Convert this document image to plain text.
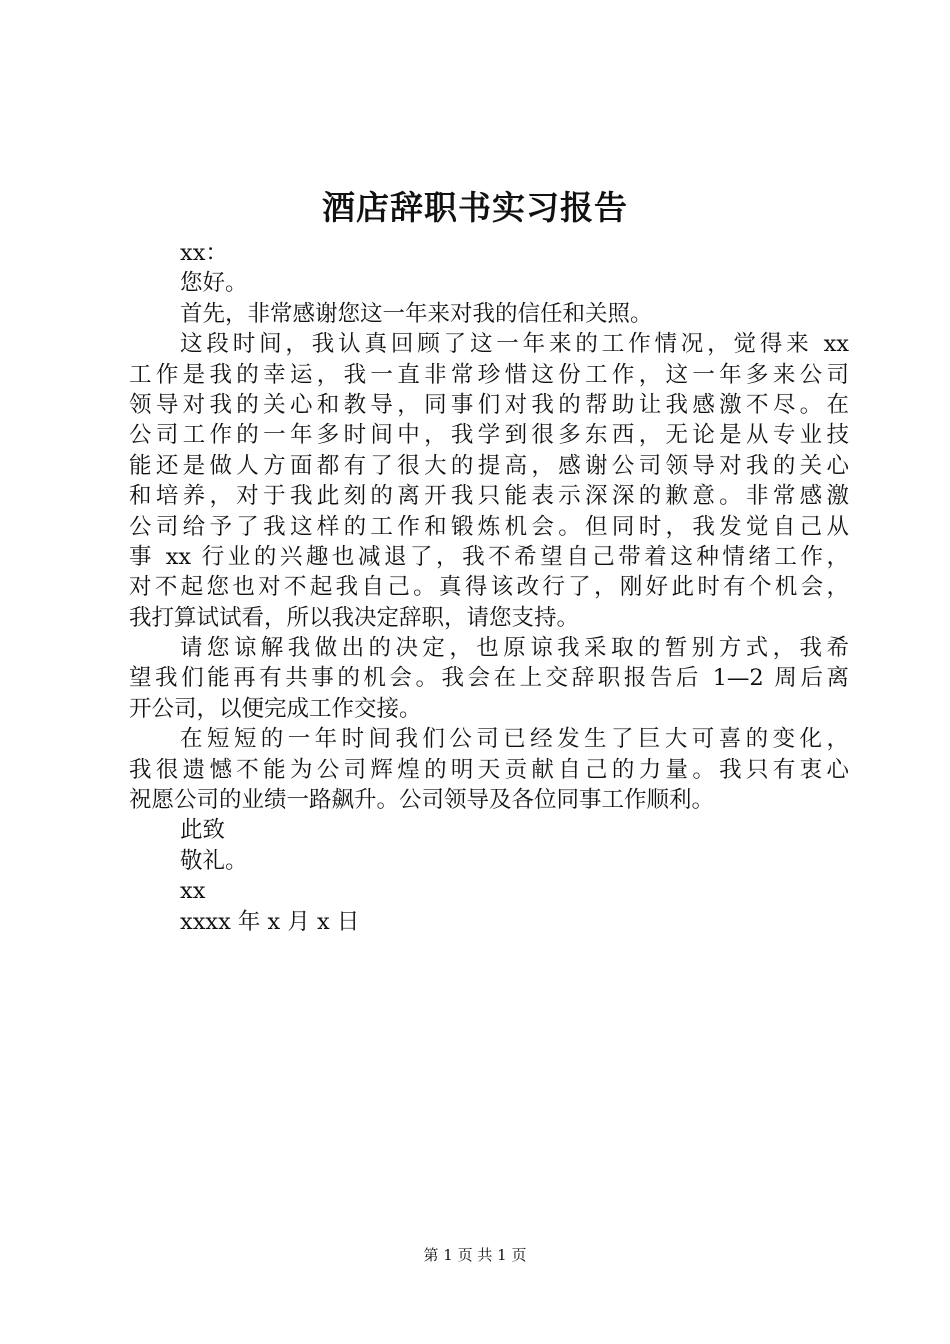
酒店辞职书实习报告
xx：
您好。
首先，非常感谢您这一年来对我的信任和关照。
这段时间，我认真回顾了这一年来的工作情况，觉得来 xx
工作是我的幸运，我一直非常珍惜这份工作，这一年多来公司
领导对我的关心和教导，同事们对我的帮助让我感激不尽。在
公司工作的一年多时间中，我学到很多东西，无论是从专业技
能还是做人方面都有了很大的提高，感谢公司领导对我的关心
和培养，对于我此刻的离开我只能表示深深的歉意。非常感激
公司给予了我这样的工作和锻炼机会。但同时，我发觉自己从
事 xx 行业的兴趣也减退了，我不希望自己带着这种情绪工作，
对不起您也对不起我自己。真得该改行了，刚好此时有个机会，
我打算试试看，所以我决定辞职，请您支持。
请您谅解我做出的决定，也原谅我采取的暂别方式，我希
望我们能再有共事的机会。我会在上交辞职报告后 1—2 周后离
开公司，以便完成工作交接。
在短短的一年时间我们公司已经发生了巨大可喜的变化，
我很遗憾不能为公司辉煌的明天贡献自己的力量。我只有衷心
祝愿公司的业绩一路飙升。公司领导及各位同事工作顺利。
此致
敬礼。
xx
xxxx 年 x 月 x 日
第 1 页 共 1 页
